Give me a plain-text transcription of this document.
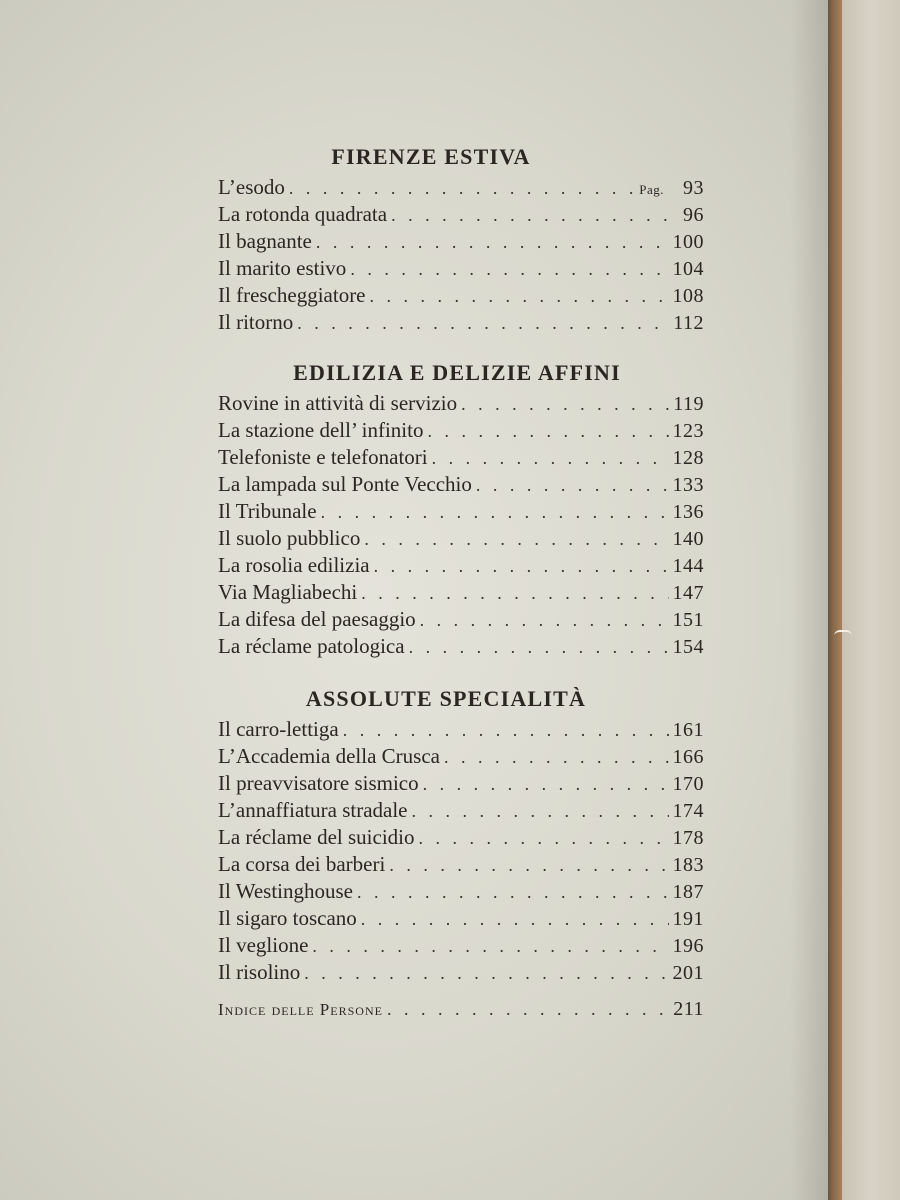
FIRENZE ESTIVA
L’esodo . . .	Pag. 93
La rotonda quadrata . . .	96
Il bagnante . . .	100
Il marito estivo . . .	104
Il frescheggiatore . . .	108
Il ritorno . . .	112
EDILIZIA E DELIZIE AFFINI
Rovine in attività di servizio . . .	119
La stazione dell’ infinito . . .	123
Telefoniste e telefonatori . . .	128
La lampada sul Ponte Vecchio . . .	133
Il Tribunale . . .	136
Il suolo pubblico . . .	140
La rosolia edilizia . . .	144
Via Magliabechi . . .	147
La difesa del paesaggio . . .	151
La réclame patologica . . .	154
ASSOLUTE SPECIALITÀ
Il carro-lettiga . . .	161
L’Accademia della Crusca . . .	166
Il preavvisatore sismico . . .	170
L’annaffiatura stradale . . .	174
La réclame del suicidio . . .	178
La corsa dei barberi . . .	183
Il Westinghouse . . .	187
Il sigaro toscano . . .	191
Il veglione . . .	196
Il risolino . . .	201
Indice delle Persone . . .	211
